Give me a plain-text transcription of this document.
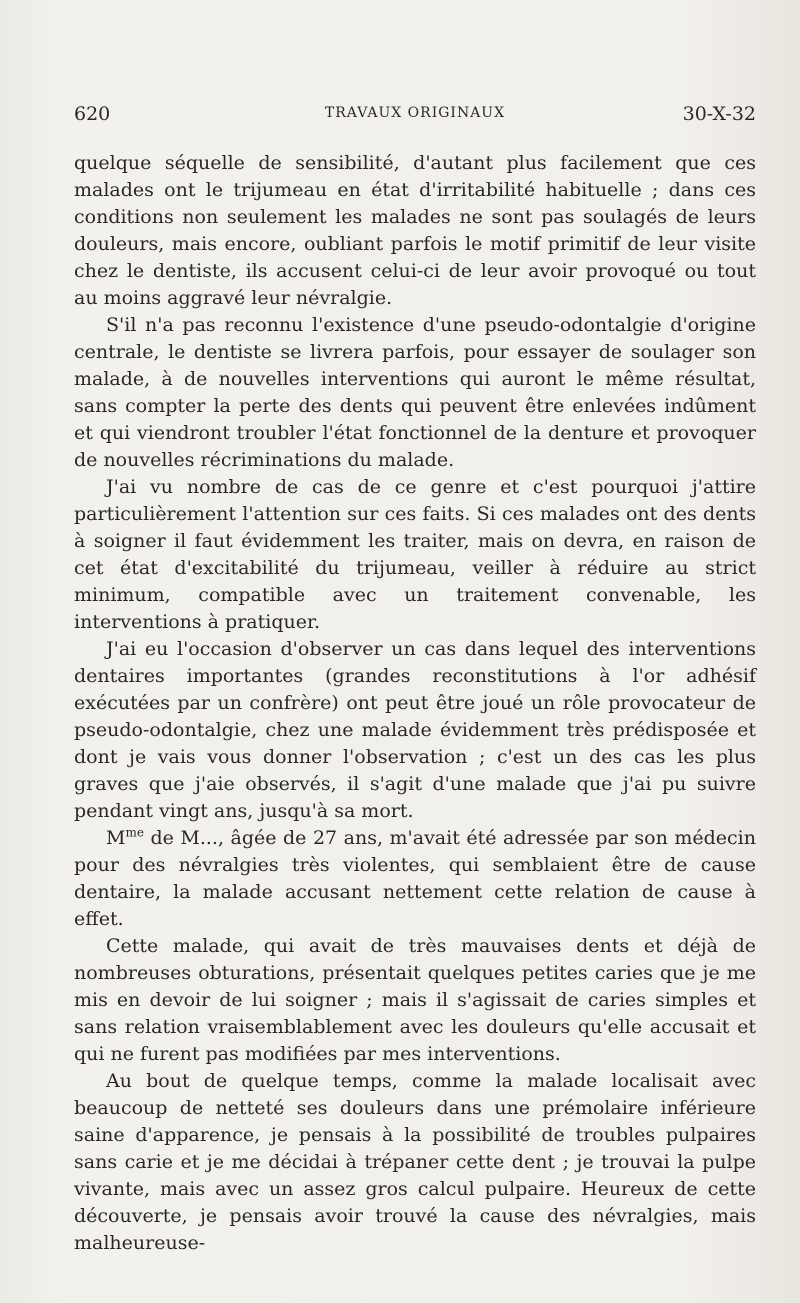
620	TRAVAUX ORIGINAUX	30-X-32

quelque séquelle de sensibilité, d'autant plus facilement que ces malades ont le trijumeau en état d'irritabilité habituelle ; dans ces conditions non seulement les malades ne sont pas soulagés de leurs douleurs, mais encore, oubliant parfois le motif primitif de leur visite chez le dentiste, ils accusent celui-ci de leur avoir provoqué ou tout au moins aggravé leur névralgie.

S'il n'a pas reconnu l'existence d'une pseudo-odontalgie d'origine centrale, le dentiste se livrera parfois, pour essayer de soulager son malade, à de nouvelles interventions qui auront le même résultat, sans compter la perte des dents qui peuvent être enlevées indûment et qui viendront troubler l'état fonctionnel de la denture et provoquer de nouvelles récriminations du malade.

J'ai vu nombre de cas de ce genre et c'est pourquoi j'attire particulièrement l'attention sur ces faits. Si ces malades ont des dents à soigner il faut évidemment les traiter, mais on devra, en raison de cet état d'excitabilité du trijumeau, veiller à réduire au strict minimum, compatible avec un traitement convenable, les interventions à pratiquer.

J'ai eu l'occasion d'observer un cas dans lequel des interventions dentaires importantes (grandes reconstitutions à l'or adhésif exécutées par un confrère) ont peut être joué un rôle provocateur de pseudo-odontalgie, chez une malade évidemment très prédisposée et dont je vais vous donner l'observation ; c'est un des cas les plus graves que j'aie observés, il s'agit d'une malade que j'ai pu suivre pendant vingt ans, jusqu'à sa mort.

$M^{me}$ de M..., âgée de 27 ans, m'avait été adressée par son médecin pour des névralgies très violentes, qui semblaient être de cause dentaire, la malade accusant nettement cette relation de cause à effet.

Cette malade, qui avait de très mauvaises dents et déjà de nombreuses obturations, présentait quelques petites caries que je me mis en devoir de lui soigner ; mais il s'agissait de caries simples et sans relation vraisemblablement avec les douleurs qu'elle accusait et qui ne furent pas modifiées par mes interventions.

Au bout de quelque temps, comme la malade localisait avec beaucoup de netteté ses douleurs dans une prémolaire inférieure saine d'apparence, je pensais à la possibilité de troubles pulpaires sans carie et je me décidai à trépaner cette dent ; je trouvai la pulpe vivante, mais avec un assez gros calcul pulpaire. Heureux de cette découverte, je pensais avoir trouvé la cause des névralgies, mais malheureuse-
